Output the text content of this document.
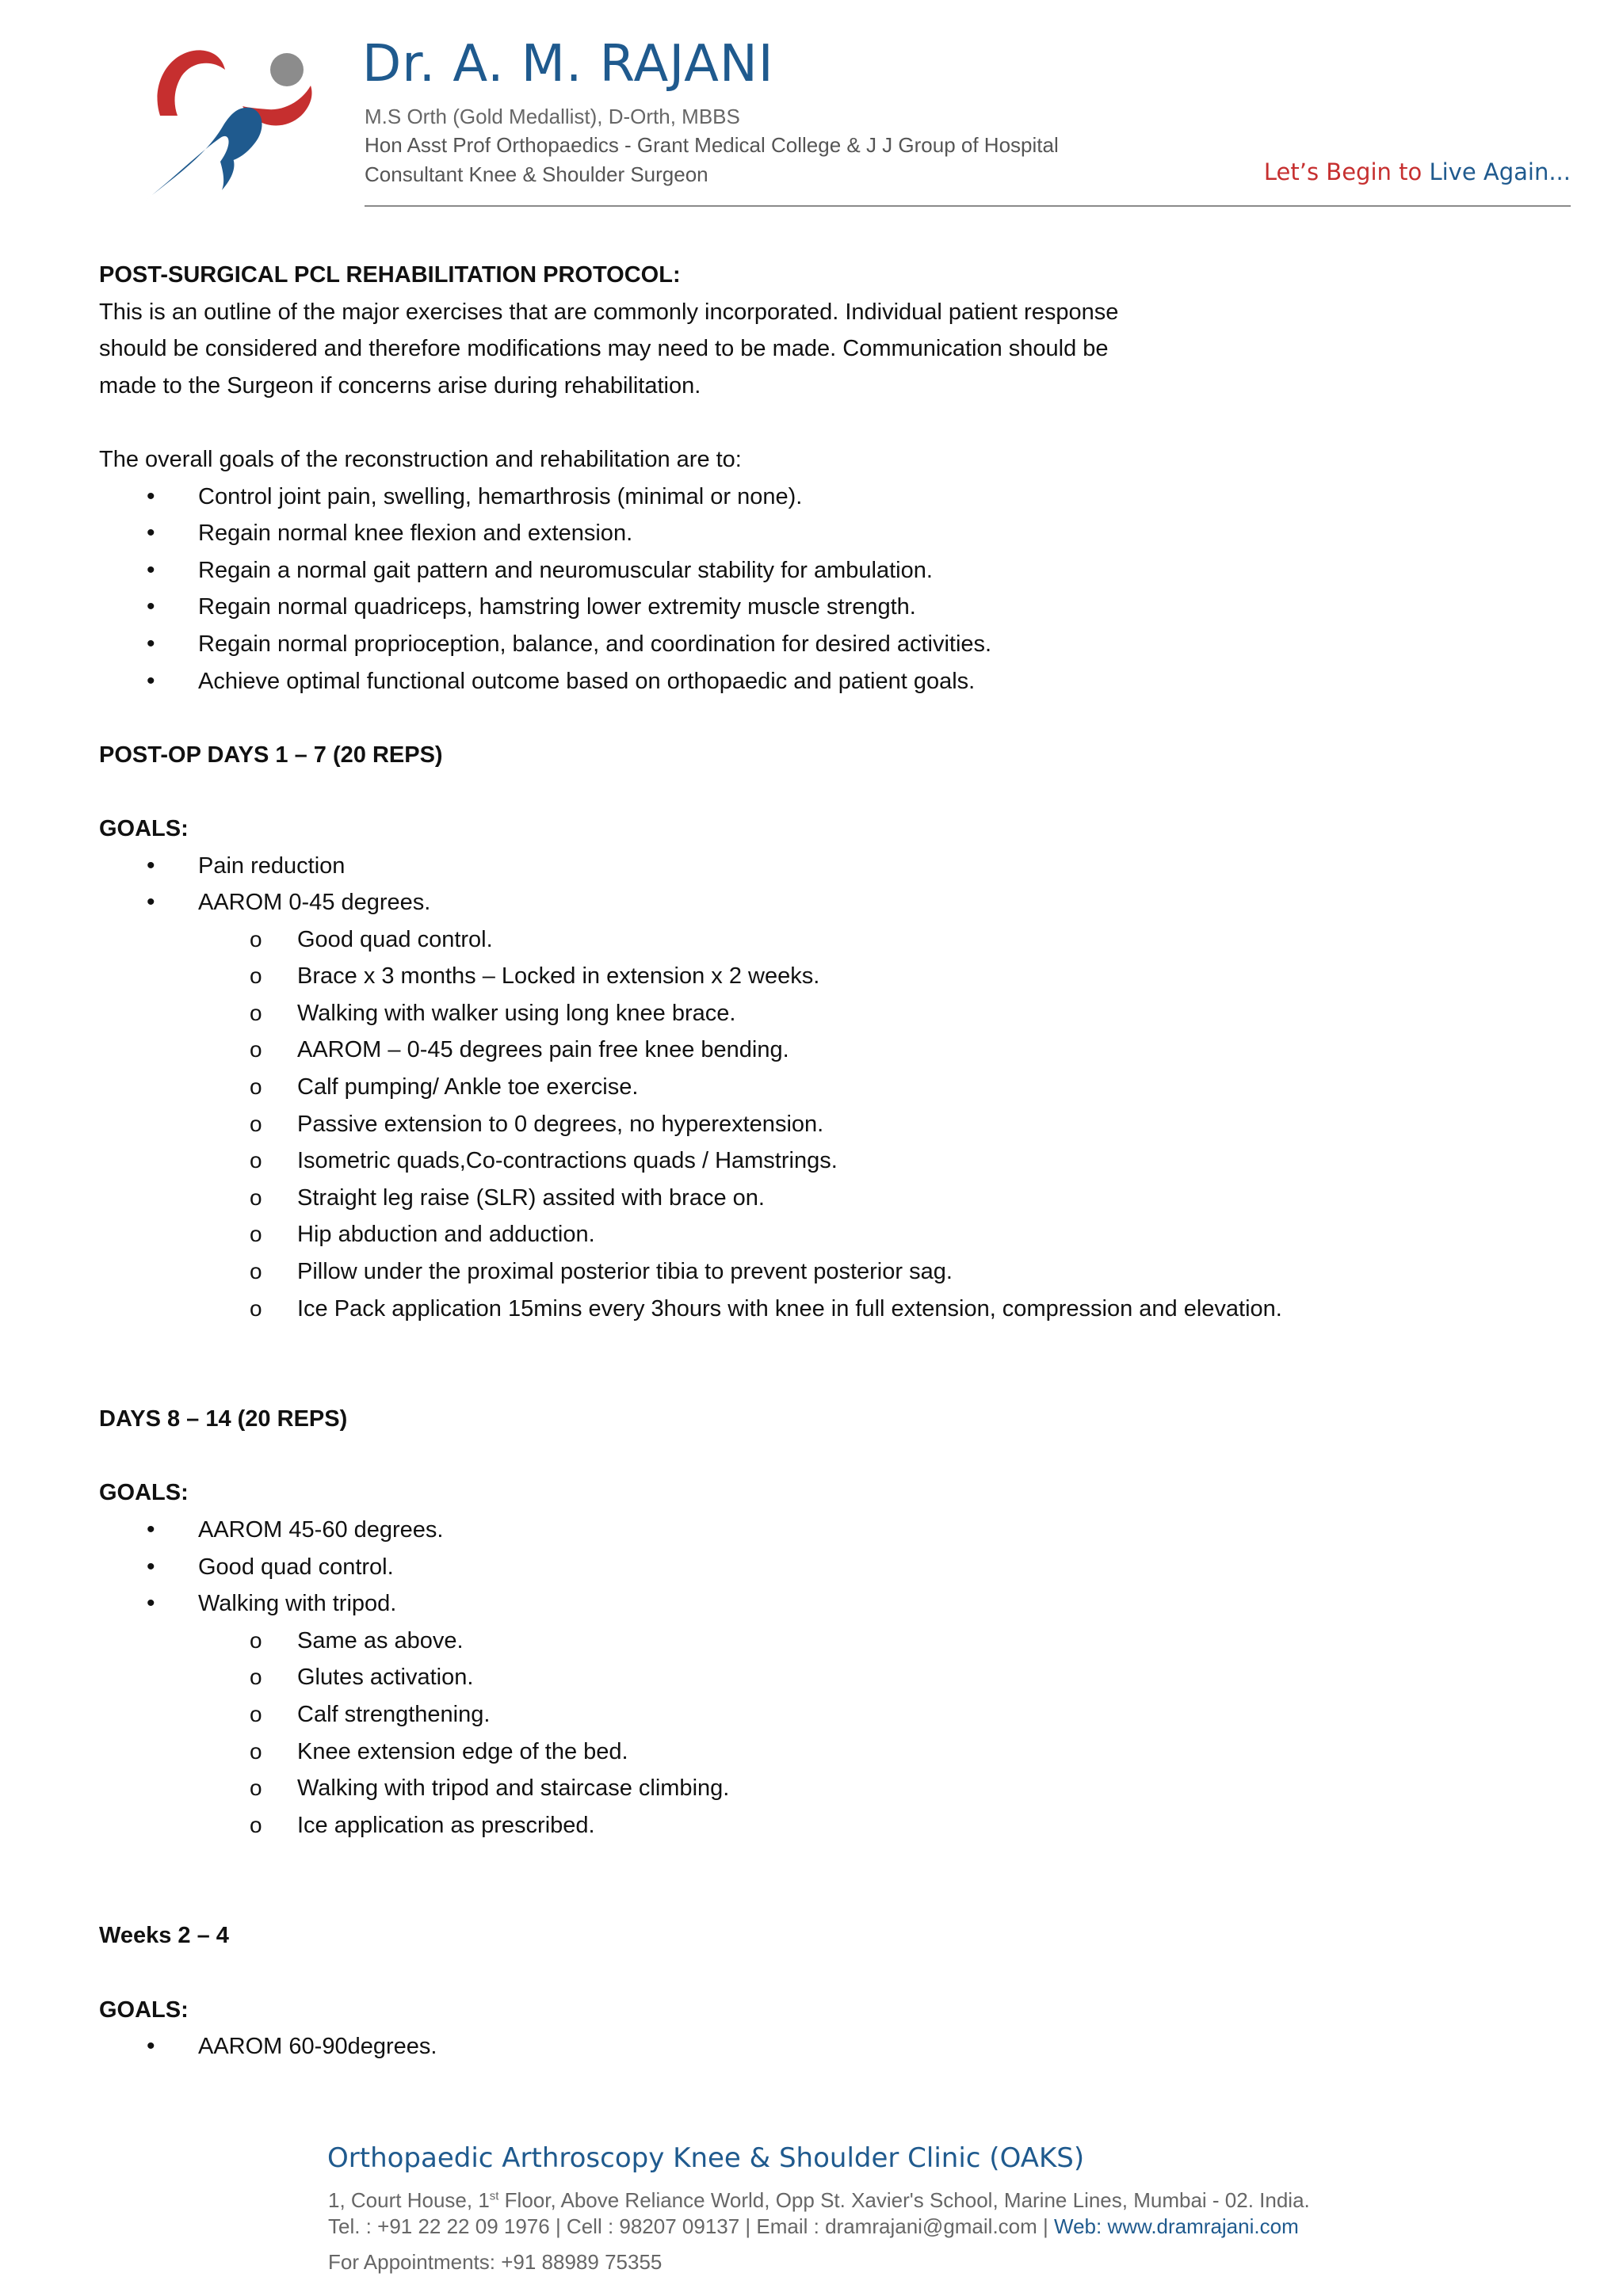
Dr. A. M. RAJANI
M.S Orth (Gold Medallist), D-Orth, MBBS
Hon Asst Prof Orthopaedics - Grant Medical College & J J Group of Hospital
Consultant Knee & Shoulder Surgeon	Let’s Begin to Live Again...

POST-SURGICAL PCL REHABILITATION PROTOCOL:

This is an outline of the major exercises that are commonly incorporated. Individual patient response

should be considered and therefore modifications may need to be made. Communication should be

made to the Surgeon if concerns arise during rehabilitation.

The overall goals of the reconstruction and rehabilitation are to:

• Control joint pain, swelling, hemarthrosis (minimal or none).
• Regain normal knee flexion and extension.
• Regain a normal gait pattern and neuromuscular stability for ambulation.
• Regain normal quadriceps, hamstring lower extremity muscle strength.
• Regain normal proprioception, balance, and coordination for desired activities.
• Achieve optimal functional outcome based on orthopaedic and patient goals.

POST-OP DAYS 1 – 7 (20 REPS)

GOALS:

• Pain reduction
• AAROM 0-45 degrees.
o Good quad control.
o Brace x 3 months – Locked in extension x 2 weeks.
o Walking with walker using long knee brace.
o AAROM – 0-45 degrees pain free knee bending.
o Calf pumping/ Ankle toe exercise.
o Passive extension to 0 degrees, no hyperextension.
o Isometric quads,Co-contractions quads / Hamstrings.
o Straight leg raise (SLR) assited with brace on.
o Hip abduction and adduction.
o Pillow under the proximal posterior tibia to prevent posterior sag.
o Ice Pack application 15mins every 3hours with knee in full extension, compression and elevation.

DAYS 8 – 14 (20 REPS)

GOALS:

• AAROM 45-60 degrees.
• Good quad control.
• Walking with tripod.
o Same as above.
o Glutes activation.
o Calf strengthening.
o Knee extension edge of the bed.
o Walking with tripod and staircase climbing.
o Ice application as prescribed.

Weeks 2 – 4

GOALS:

• AAROM 60-90degrees.
Orthopaedic Arthroscopy Knee & Shoulder Clinic (OAKS)
1, Court House, 1st Floor, Above Reliance World, Opp St. Xavier's School, Marine Lines, Mumbai - 02. India.
Tel. : +91 22 22 09 1976 | Cell : 98207 09137 | Email : dramrajani@gmail.com | Web: www.dramrajani.com
For Appointments: +91 88989 75355
